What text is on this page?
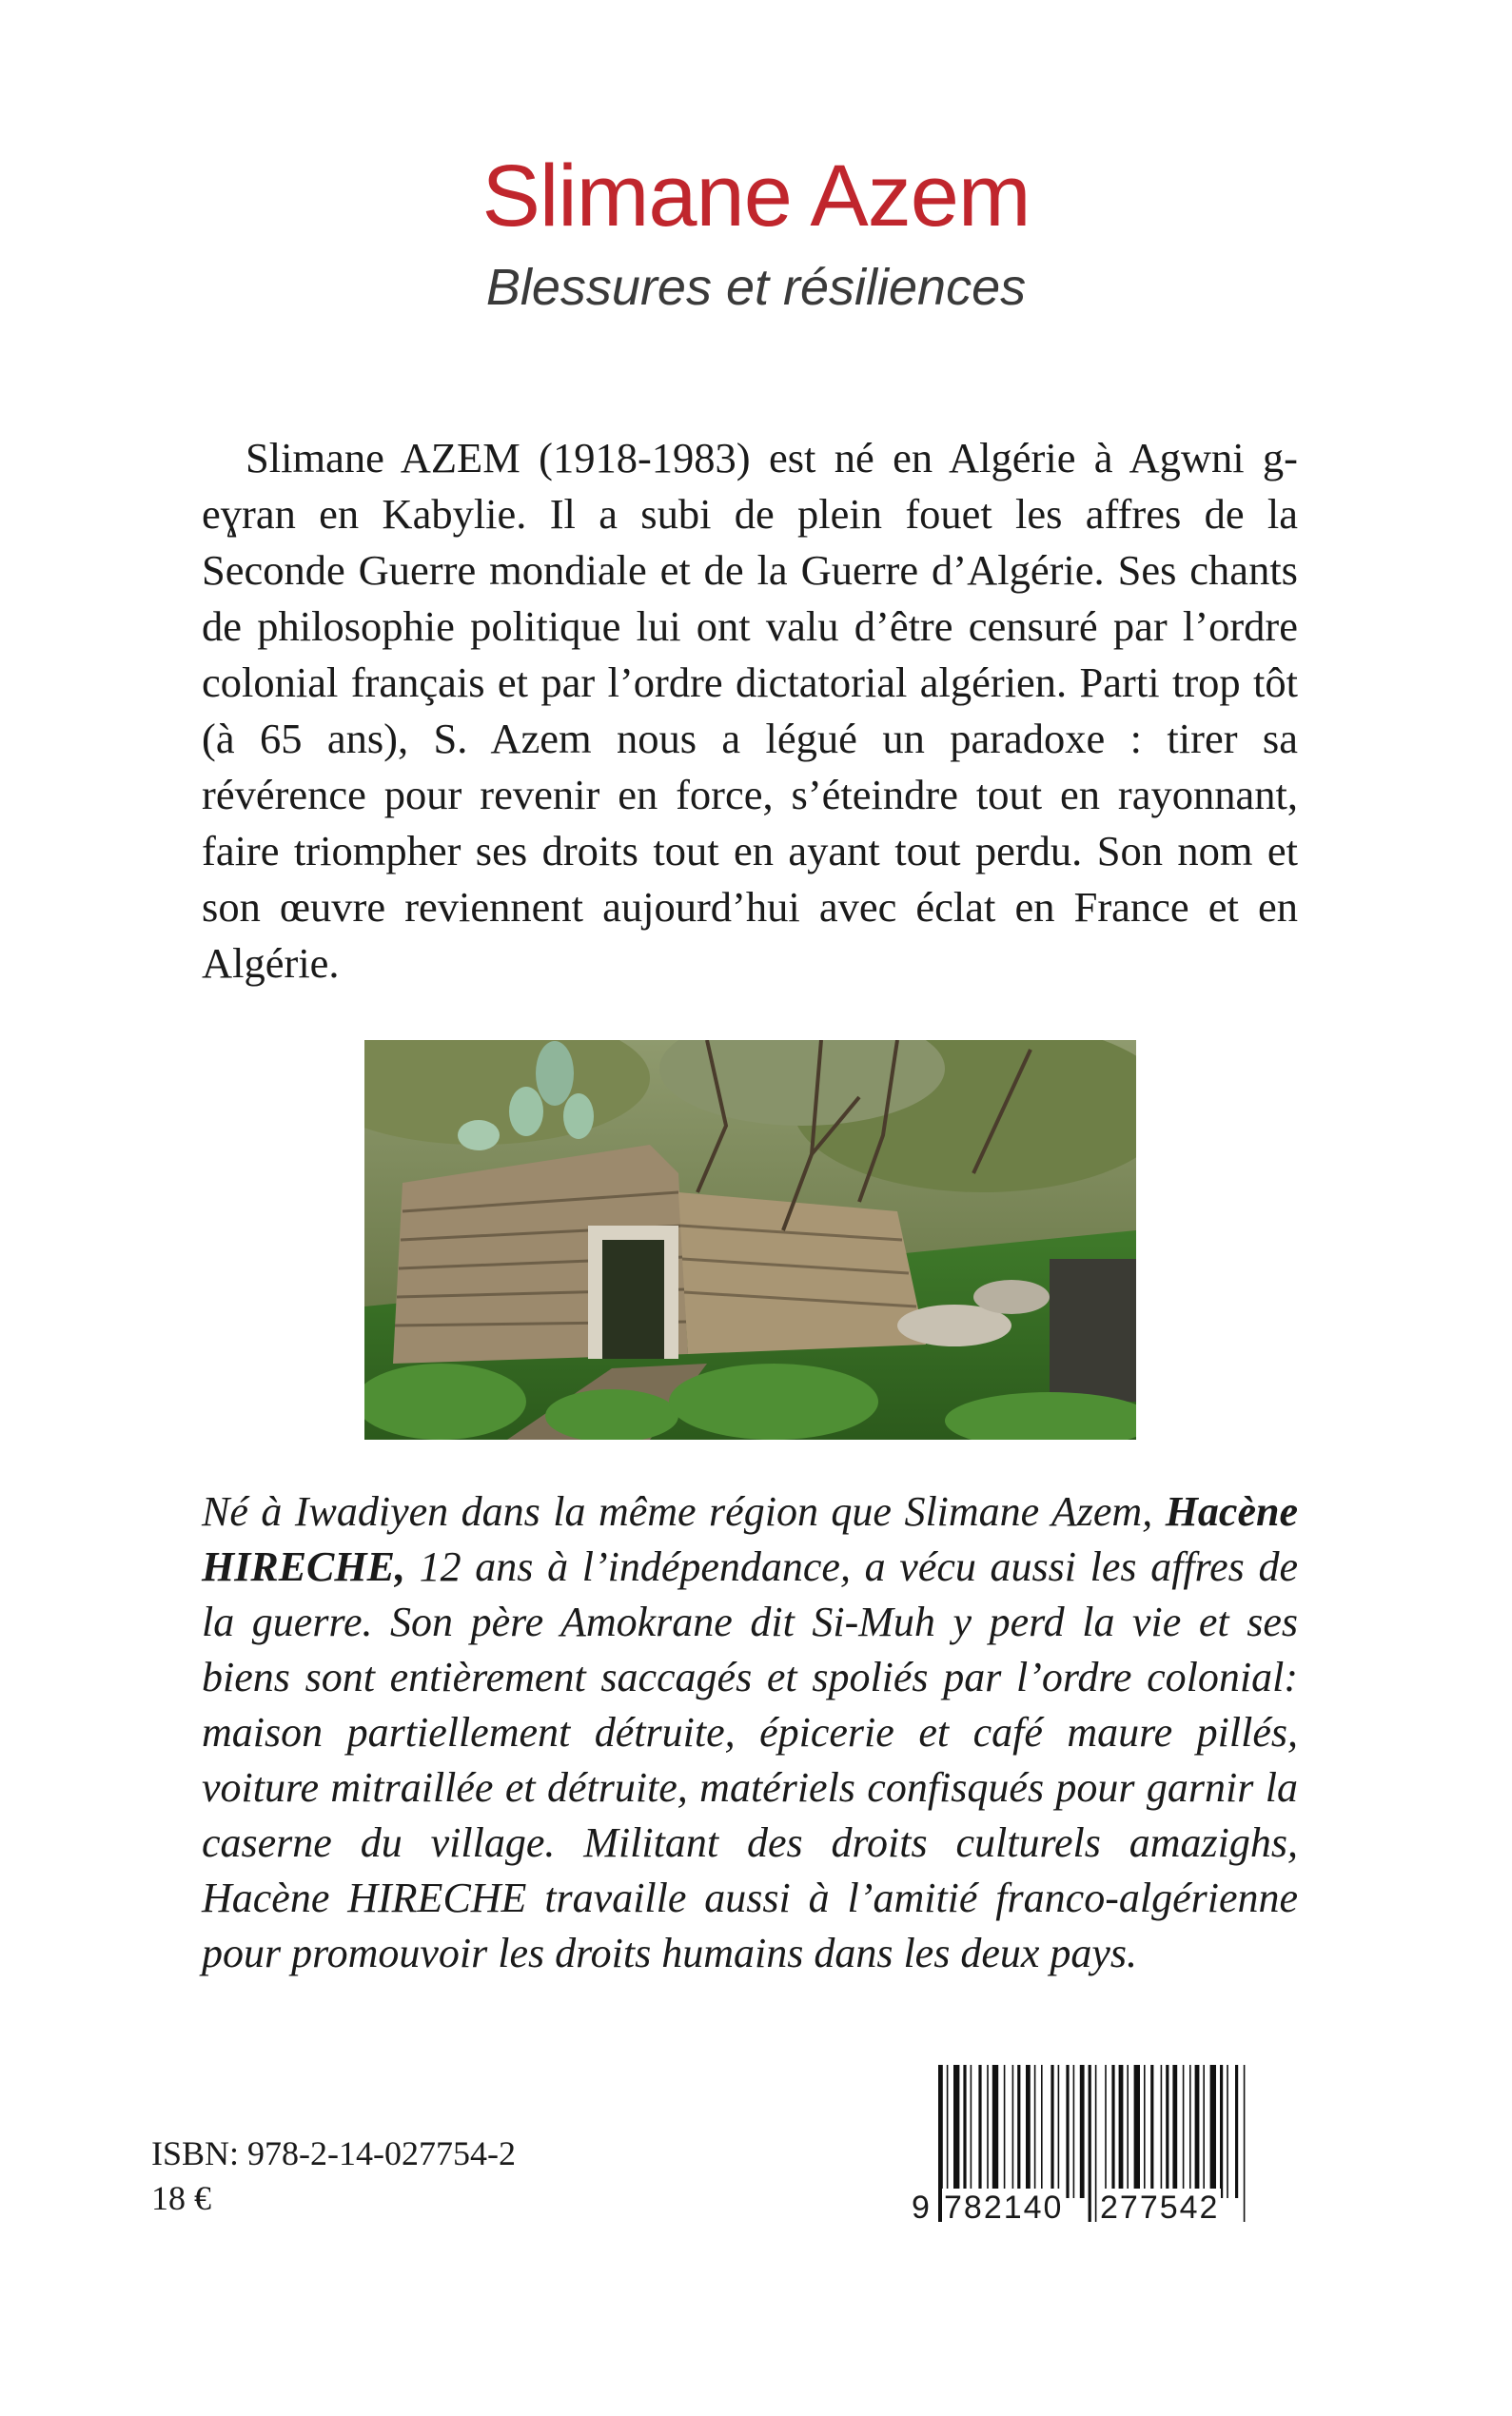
Slimane Azem
Blessures et résiliences

Slimane AZEM (1918-1983) est né en Algérie à Agwni g-eɣran en Kabylie. Il a subi de plein fouet les affres de la Seconde Guerre mondiale et de la Guerre d’Algérie. Ses chants de philosophie politique lui ont valu d’être censuré par l’ordre colonial français et par l’ordre dictatorial algérien. Parti trop tôt (à 65 ans), S. Azem nous a légué un paradoxe : tirer sa révérence pour revenir en force, s’éteindre tout en rayonnant, faire triompher ses droits tout en ayant tout perdu. Son nom et son œuvre reviennent aujourd’hui avec éclat en France et en Algérie.

Né à Iwadiyen dans la même région que Slimane Azem, Hacène HIRECHE, 12 ans à l’indépendance, a vécu aussi les affres de la guerre. Son père Amokrane dit Si-Muh y perd la vie et ses biens sont entièrement saccagés et spoliés par l’ordre colonial: maison partiellement détruite, épicerie et café maure pillés, voiture mitraillée et détruite, matériels confisqués pour garnir la caserne du village. Militant des droits culturels amazighs, Hacène HIRECHE travaille aussi à l’amitié franco-algérienne pour promouvoir les droits humains dans les deux pays.

ISBN: 978-2-14-027754-2
18 €	9 782140 277542
